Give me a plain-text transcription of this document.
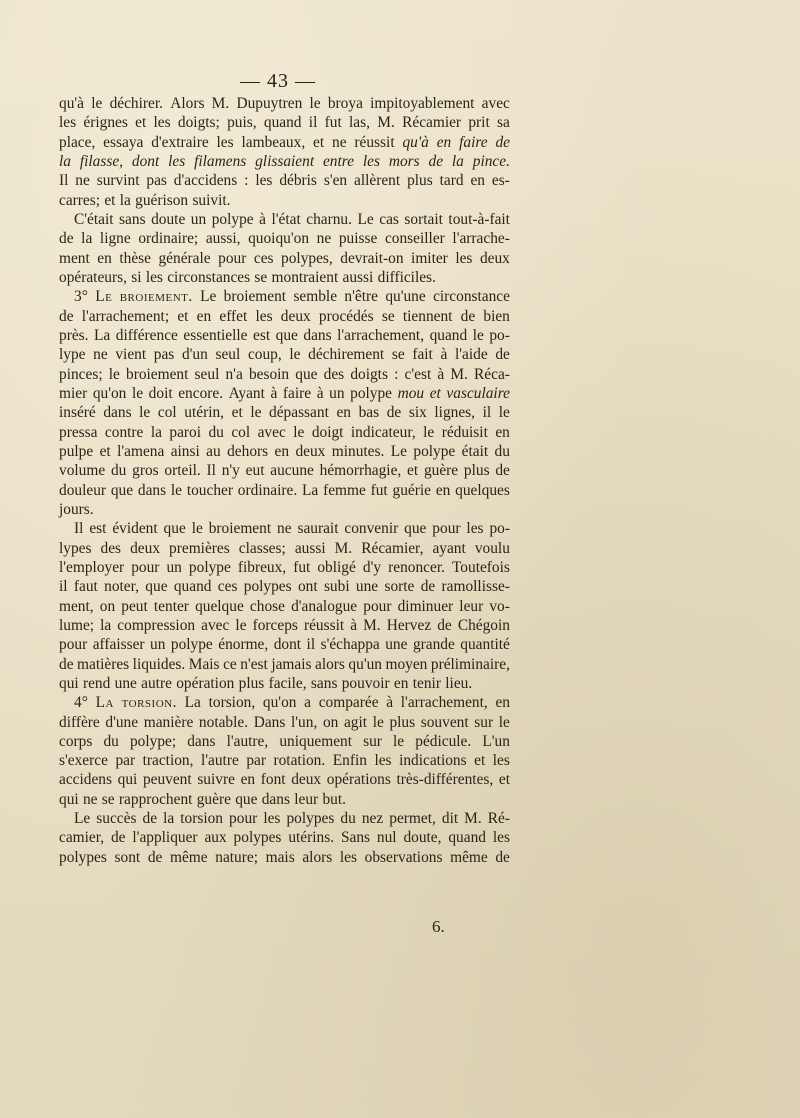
— 43 —
qu'à le déchirer. Alors M. Dupuytren le broya impitoyablement avec
les érignes et les doigts; puis, quand il fut las, M. Récamier prit sa
place, essaya d'extraire les lambeaux, et ne réussit qu'à en faire de
la filasse, dont les filamens glissaient entre les mors de la pince.
Il ne survint pas d'accidens : les débris s'en allèrent plus tard en es-
carres; et la guérison suivit.
C'était sans doute un polype à l'état charnu. Le cas sortait tout-à-fait
de la ligne ordinaire; aussi, quoiqu'on ne puisse conseiller l'arrache-
ment en thèse générale pour ces polypes, devrait-on imiter les deux
opérateurs, si les circonstances se montraient aussi difficiles.
3° Le broiement. Le broiement semble n'être qu'une circonstance
de l'arrachement; et en effet les deux procédés se tiennent de bien
près. La différence essentielle est que dans l'arrachement, quand le po-
lype ne vient pas d'un seul coup, le déchirement se fait à l'aide de
pinces; le broiement seul n'a besoin que des doigts : c'est à M. Réca-
mier qu'on le doit encore. Ayant à faire à un polype mou et vasculaire
inséré dans le col utérin, et le dépassant en bas de six lignes, il le
pressa contre la paroi du col avec le doigt indicateur, le réduisit en
pulpe et l'amena ainsi au dehors en deux minutes. Le polype était du
volume du gros orteil. Il n'y eut aucune hémorrhagie, et guère plus de
douleur que dans le toucher ordinaire. La femme fut guérie en quelques
jours.
Il est évident que le broiement ne saurait convenir que pour les po-
lypes des deux premières classes; aussi M. Récamier, ayant voulu
l'employer pour un polype fibreux, fut obligé d'y renoncer. Toutefois
il faut noter, que quand ces polypes ont subi une sorte de ramollisse-
ment, on peut tenter quelque chose d'analogue pour diminuer leur vo-
lume; la compression avec le forceps réussit à M. Hervez de Chégoin
pour affaisser un polype énorme, dont il s'échappa une grande quantité
de matières liquides. Mais ce n'est jamais alors qu'un moyen préliminaire,
qui rend une autre opération plus facile, sans pouvoir en tenir lieu.
4° La torsion. La torsion, qu'on a comparée à l'arrachement, en
diffère d'une manière notable. Dans l'un, on agit le plus souvent sur le
corps du polype; dans l'autre, uniquement sur le pédicule. L'un
s'exerce par traction, l'autre par rotation. Enfin les indications et les
accidens qui peuvent suivre en font deux opérations très-différentes, et
qui ne se rapprochent guère que dans leur but.
Le succès de la torsion pour les polypes du nez permet, dit M. Ré-
camier, de l'appliquer aux polypes utérins. Sans nul doute, quand les
polypes sont de même nature; mais alors les observations même de
6.
